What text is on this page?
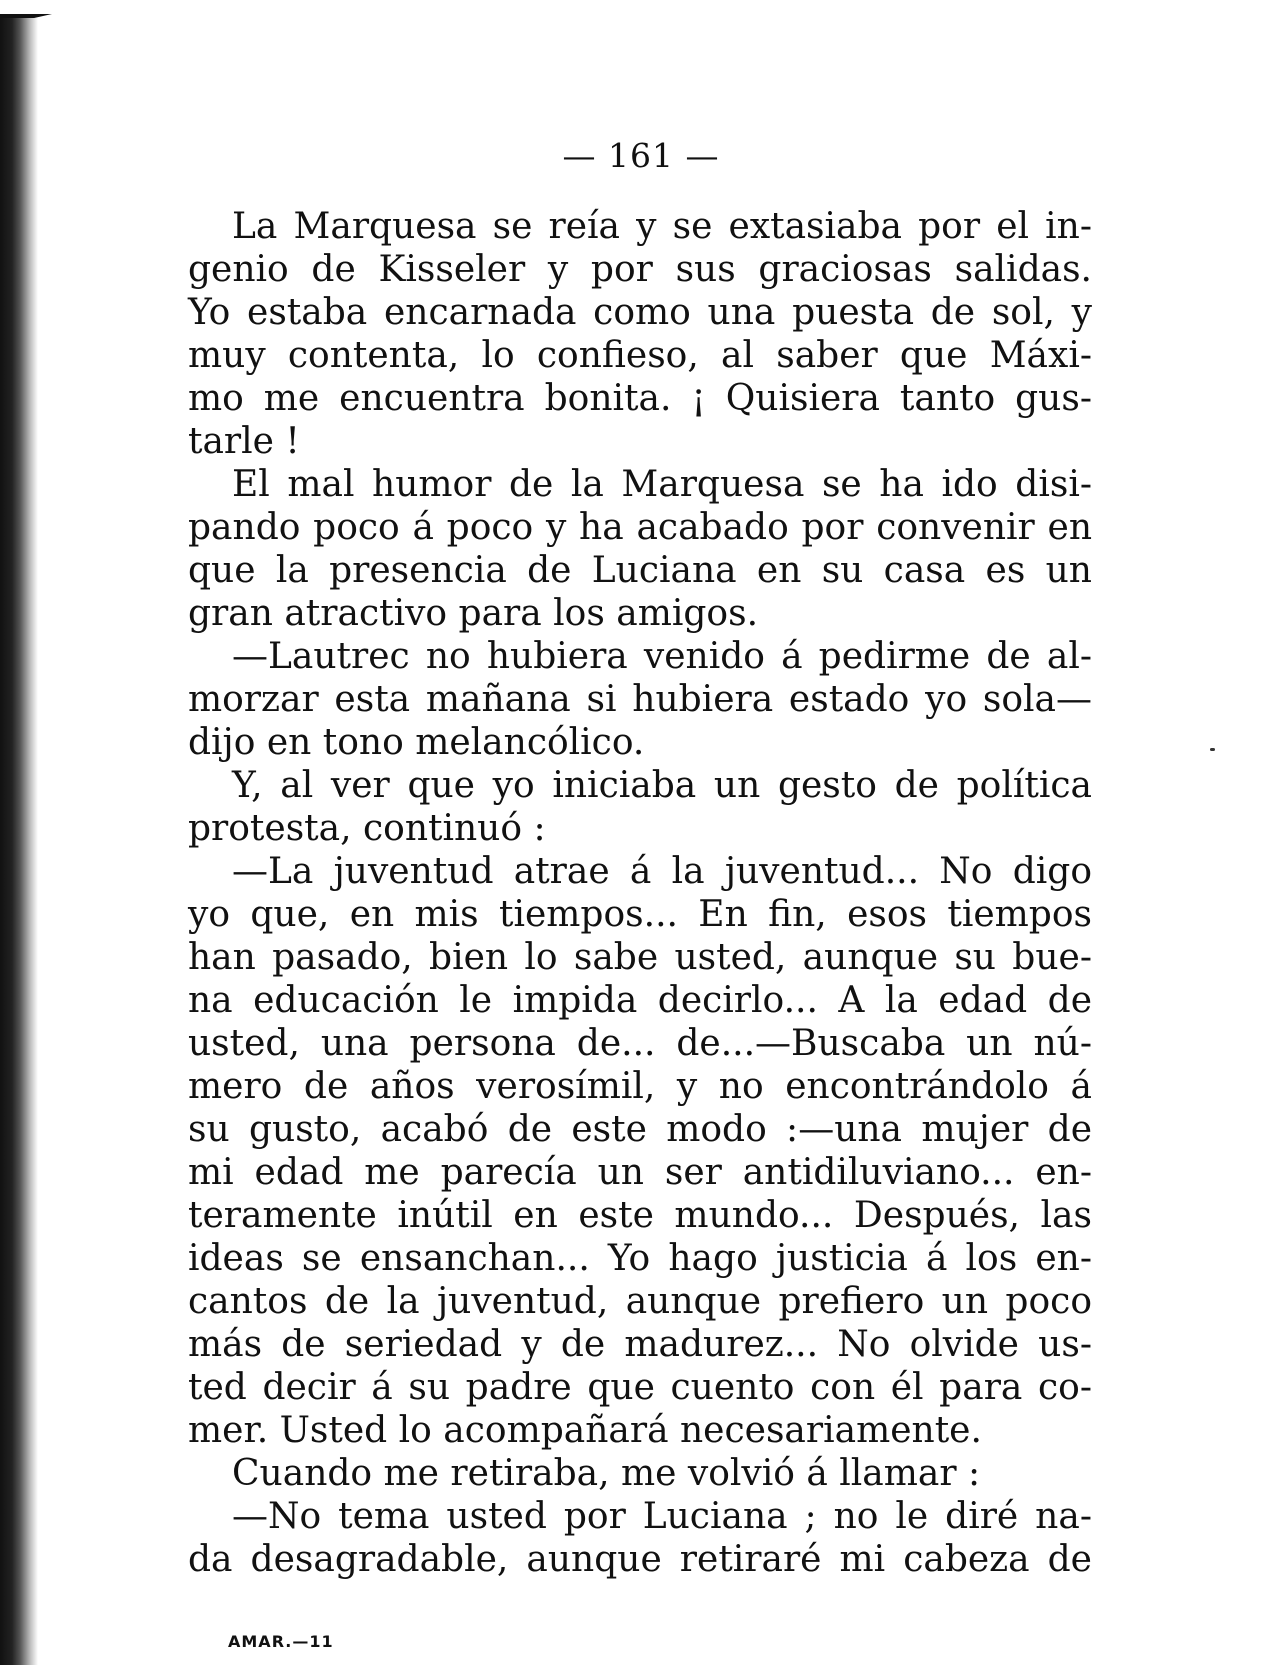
— 161 —
La Marquesa se reía y se extasiaba por el in-
genio de Kisseler y por sus graciosas salidas.
Yo estaba encarnada como una puesta de sol, y
muy contenta, lo confieso, al saber que Máxi-
mo me encuentra bonita. ¡ Quisiera tanto gus-
tarle !
El mal humor de la Marquesa se ha ido disi-
pando poco á poco y ha acabado por convenir en
que la presencia de Luciana en su casa es un
gran atractivo para los amigos.
—Lautrec no hubiera venido á pedirme de al-
morzar esta mañana si hubiera estado yo sola—
dijo en tono melancólico.
Y, al ver que yo iniciaba un gesto de política
protesta, continuó :
—La juventud atrae á la juventud... No digo
yo que, en mis tiempos... En fin, esos tiempos
han pasado, bien lo sabe usted, aunque su bue-
na educación le impida decirlo... A la edad de
usted, una persona de... de...—Buscaba un nú-
mero de años verosímil, y no encontrándolo á
su gusto, acabó de este modo :—una mujer de
mi edad me parecía un ser antidiluviano... en-
teramente inútil en este mundo... Después, las
ideas se ensanchan... Yo hago justicia á los en-
cantos de la juventud, aunque prefiero un poco
más de seriedad y de madurez... No olvide us-
ted decir á su padre que cuento con él para co-
mer. Usted lo acompañará necesariamente.
Cuando me retiraba, me volvió á llamar :
—No tema usted por Luciana ; no le diré na-
da desagradable, aunque retiraré mi cabeza de
AMAR.—11
